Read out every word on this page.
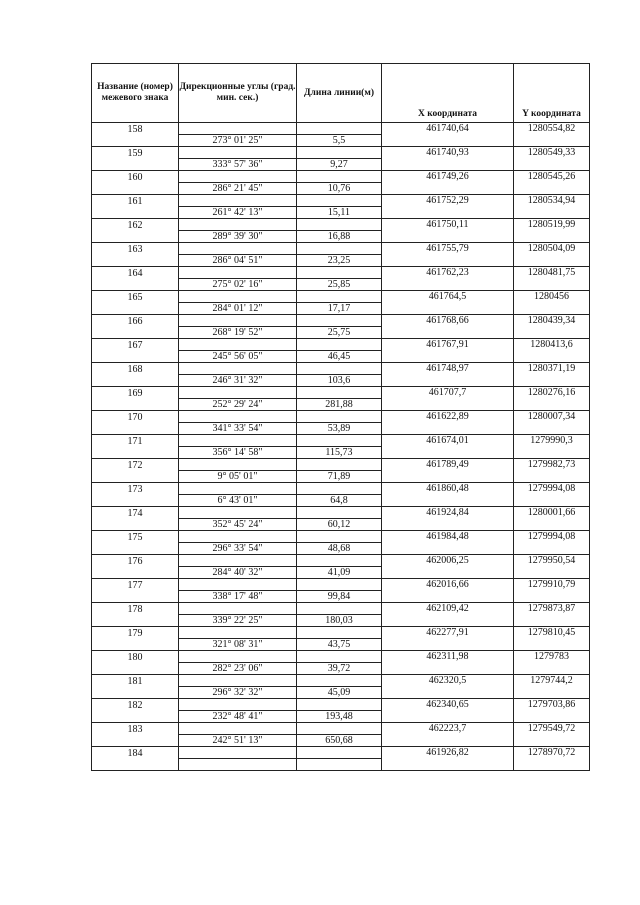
Название (номер) межевого знака	Дирекционные углы (град. мин. сек.)	Длина линии(м)	X координата	Y координата
158			461740,64	1280554,82
	273° 01' 25"	5,5		
159			461740,93	1280549,33
	333° 57' 36"	9,27		
160			461749,26	1280545,26
	286° 21' 45"	10,76		
161			461752,29	1280534,94
	261° 42' 13"	15,11		
162			461750,11	1280519,99
	289° 39' 30"	16,88		
163			461755,79	1280504,09
	286° 04' 51"	23,25		
164			461762,23	1280481,75
	275° 02' 16"	25,85		
165			461764,5	1280456
	284° 01' 12"	17,17		
166			461768,66	1280439,34
	268° 19' 52"	25,75		
167			461767,91	1280413,6
	245° 56' 05"	46,45		
168			461748,97	1280371,19
	246° 31' 32"	103,6		
169			461707,7	1280276,16
	252° 29' 24"	281,88		
170			461622,89	1280007,34
	341° 33' 54"	53,89		
171			461674,01	1279990,3
	356° 14' 58"	115,73		
172			461789,49	1279982,73
	9° 05' 01"	71,89		
173			461860,48	1279994,08
	6° 43' 01"	64,8		
174			461924,84	1280001,66
	352° 45' 24"	60,12		
175			461984,48	1279994,08
	296° 33' 54"	48,68		
176			462006,25	1279950,54
	284° 40' 32"	41,09		
177			462016,66	1279910,79
	338° 17' 48"	99,84		
178			462109,42	1279873,87
	339° 22' 25"	180,03		
179			462277,91	1279810,45
	321° 08' 31"	43,75		
180			462311,98	1279783
	282° 23' 06"	39,72		
181			462320,5	1279744,2
	296° 32' 32"	45,09		
182			462340,65	1279703,86
	232° 48' 41"	193,48		
183			462223,7	1279549,72
	242° 51' 13"	650,68		
184			461926,82	1278970,72
